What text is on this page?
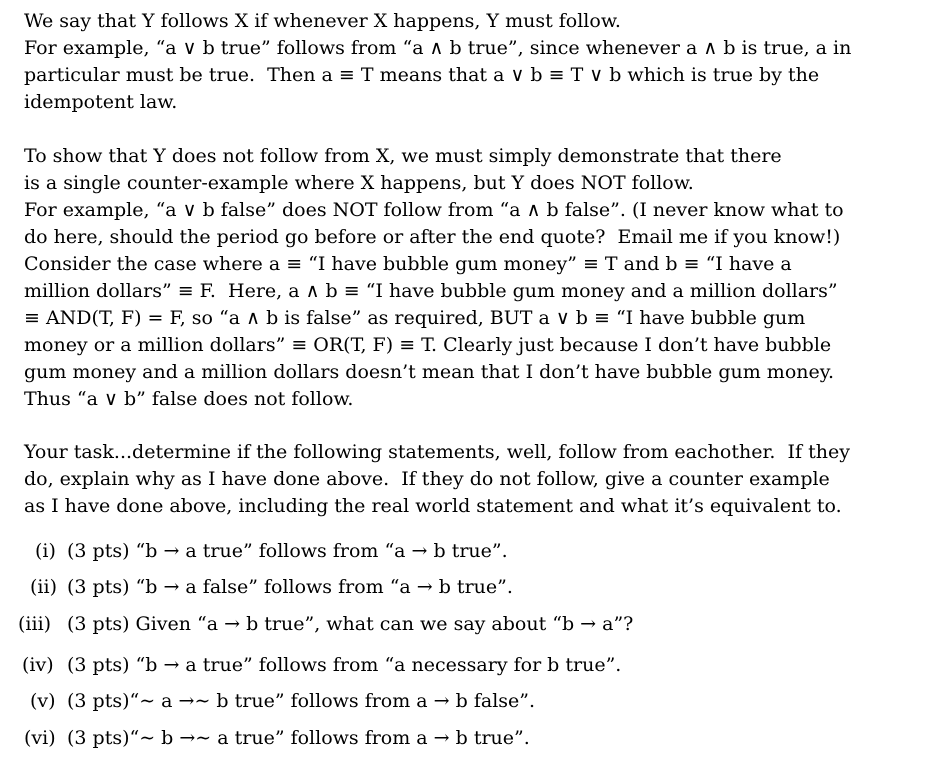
We say that Y follows X if whenever X happens, Y must follow.
For example, “a ∨ b true” follows from “a ∧ b true”, since whenever a ∧ b is true, a in
particular must be true.  Then a ≡ T means that a ∨ b ≡ T ∨ b which is true by the
idempotent law.
To show that Y does not follow from X, we must simply demonstrate that there
is a single counter-example where X happens, but Y does NOT follow.
For example, “a ∨ b false” does NOT follow from “a ∧ b false”. (I never know what to
do here, should the period go before or after the end quote?  Email me if you know!)
Consider the case where a ≡ “I have bubble gum money” ≡ T and b ≡ “I have a
million dollars” ≡ F.  Here, a ∧ b ≡ “I have bubble gum money and a million dollars”
≡ AND(T, F) = F, so “a ∧ b is false” as required, BUT a ∨ b ≡ “I have bubble gum
money or a million dollars” ≡ OR(T, F) ≡ T. Clearly just because I don’t have bubble
gum money and a million dollars doesn’t mean that I don’t have bubble gum money.
Thus “a ∨ b” false does not follow.
Your task...determine if the following statements, well, follow from eachother.  If they
do, explain why as I have done above.  If they do not follow, give a counter example
as I have done above, including the real world statement and what it’s equivalent to.
(i) (3 pts) “b → a true” follows from “a → b true”.
(ii) (3 pts) “b → a false” follows from “a → b true”.
(iii) (3 pts) Given “a → b true”, what can we say about “b → a”?
(iv) (3 pts) “b → a true” follows from “a necessary for b true”.
(v) (3 pts)“∼ a →∼ b true” follows from a → b false”.
(vi) (3 pts)“∼ b →∼ a true” follows from a → b true”.
